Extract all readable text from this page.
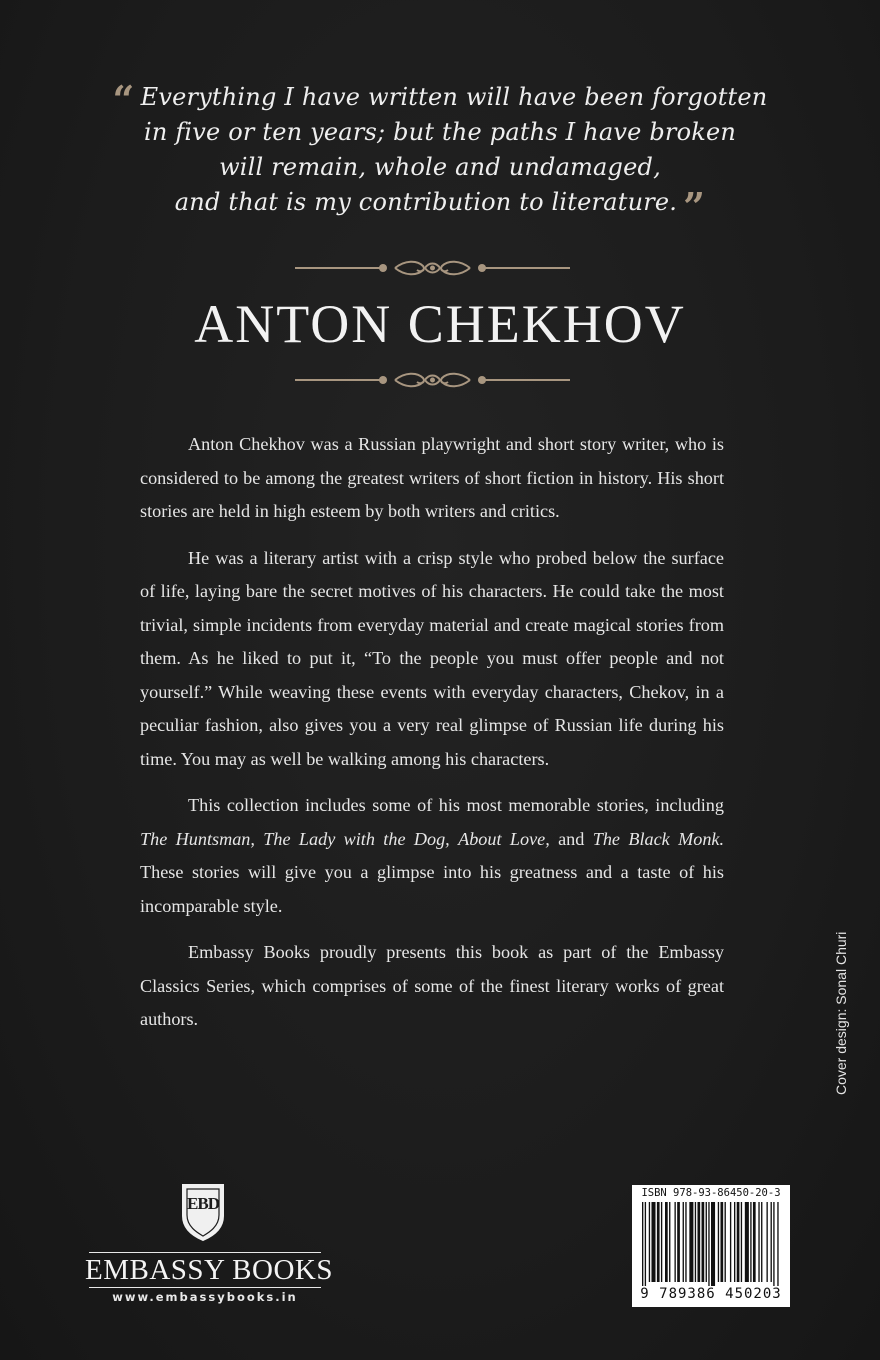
“ Everything I have written will have been forgotten
in five or ten years; but the paths I have broken
will remain, whole and undamaged,
and that is my contribution to literature. ”
ANTON CHEKHOV

Anton Chekhov was a Russian playwright and short story writer, who is considered to be among the greatest writers of short fiction in history. His short stories are held in high esteem by both writers and critics.

He was a literary artist with a crisp style who probed below the surface of life, laying bare the secret motives of his characters. He could take the most trivial, simple incidents from everyday material and create magical stories from them. As he liked to put it, “To the people you must offer people and not yourself.” While weaving these events with everyday characters, Chekov, in a peculiar fashion, also gives you a very real glimpse of Russian life during his time. You may as well be walking among his characters.

This collection includes some of his most memorable stories, including The Huntsman, The Lady with the Dog, About Love, and The Black Monk. These stories will give you a glimpse into his greatness and a taste of his incomparable style.

Embassy Books proudly presents this book as part of the Embassy Classics Series, which comprises of some of the finest literary works of great authors.	Cover design: Sonal Churi
EBD
EMBASSY BOOKS
www.embassybooks.in
ISBN 978-93-86450-20-3
9 789386 450203
